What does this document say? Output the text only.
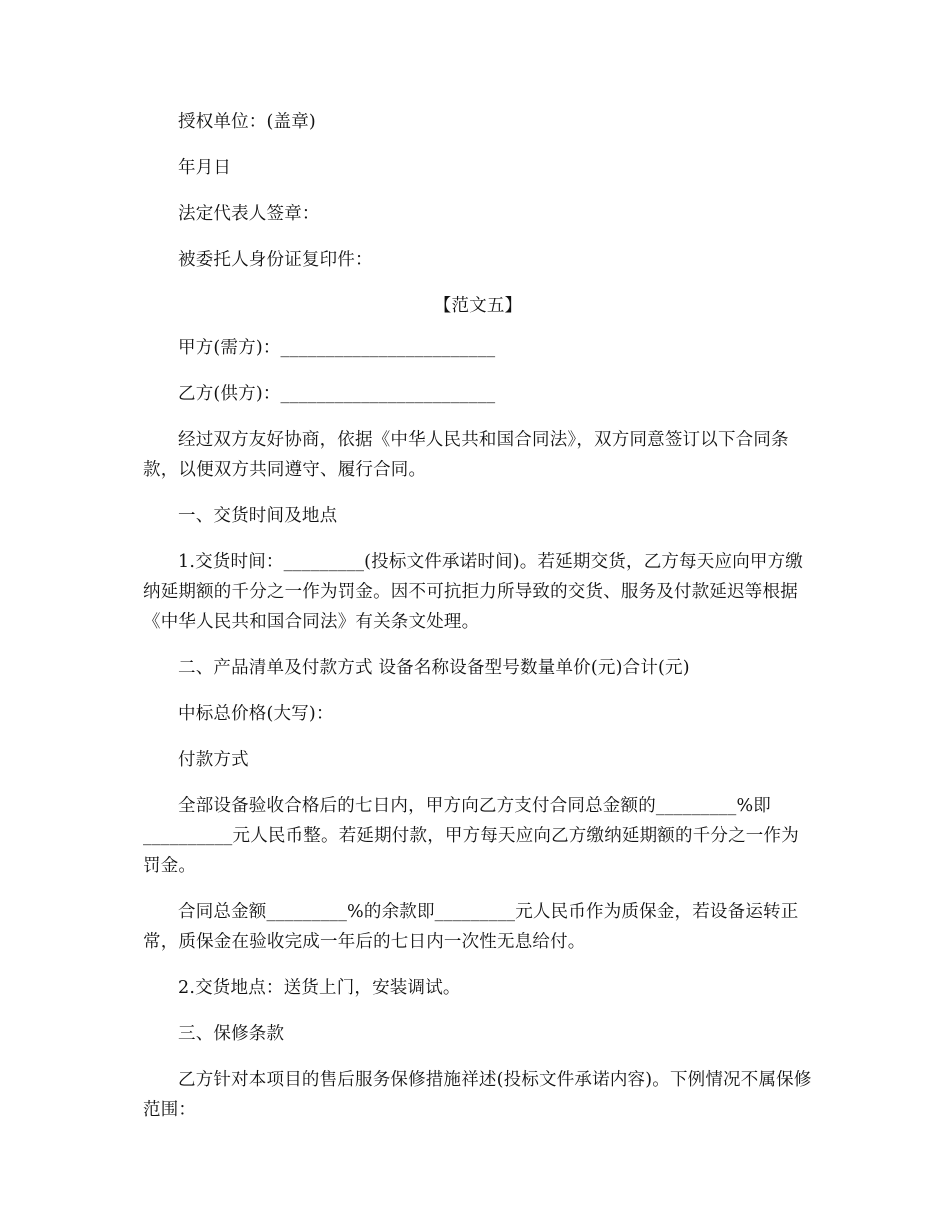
授权单位：(盖章)

年月日

法定代表人签章：

被委托人身份证复印件：

【范文五】

甲方(需方)：________________________

乙方(供方)：________________________

经过双方友好协商，依据《中华人民共和国合同法》，双方同意签订以下合同条款，以便双方共同遵守、履行合同。

一、交货时间及地点

1.交货时间：_________(投标文件承诺时间)。若延期交货，乙方每天应向甲方缴纳延期额的千分之一作为罚金。因不可抗拒力所导致的交货、服务及付款延迟等根据《中华人民共和国合同法》有关条文处理。

二、产品清单及付款方式 设备名称设备型号数量单价(元)合计(元)

中标总价格(大写)：

付款方式

全部设备验收合格后的七日内，甲方向乙方支付合同总金额的_________%即__________元人民币整。若延期付款，甲方每天应向乙方缴纳延期额的千分之一作为罚金。

合同总金额_________%的余款即_________元人民币作为质保金，若设备运转正常，质保金在验收完成一年后的七日内一次性无息给付。

2.交货地点：送货上门，安装调试。

三、保修条款

乙方针对本项目的售后服务保修措施祥述(投标文件承诺内容)。下例情况不属保修范围：
